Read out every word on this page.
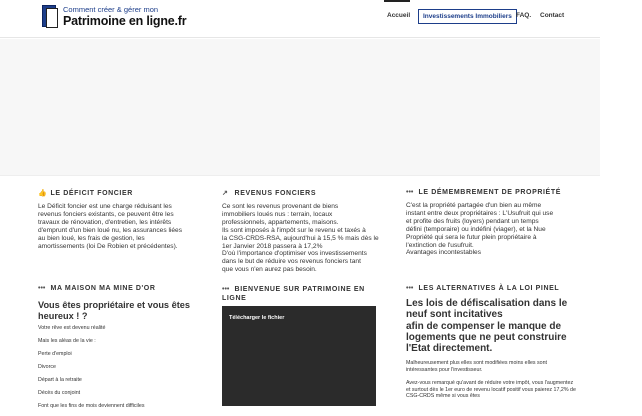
Comment créer & gérer mon
Patrimoine en ligne.fr	Accueil	Investissements Immobiliers FAQ. Contact
👍 LE DÉFICIT FONCIER

Le Déficit foncier est une charge réduisant les

revenus fonciers existants, ce peuvent être les

travaux de rénovation, d'entretien, les intérêts

d'emprunt d'un bien loué nu, les assurances liées

au bien loué, les frais de gestion, les

amortissements (loi De Robien et précédentes).

↗ REVENUS FONCIERS

Ce sont les revenus provenant de biens

immobiliers loués nus : terrain, locaux

professionnels, appartements, maisons.

Ils sont imposés à l'impôt sur le revenu et taxés à

la CSG-CRDS-RSA, aujourd'hui à 15,5 % mais dès le

1er Janvier 2018 passera à 17,2%

D'où l'importance d'optimiser vos investissements

dans le but de réduire vos revenus fonciers tant

que vous n'en aurez pas besoin.

••• LE DÉMEMBREMENT DE PROPRIÉTÉ

C'est la propriété partagée d'un bien au même

instant entre deux propriétaires : L'Usufruit qui use

et profite des fruits (loyers) pendant un temps

défini (temporaire) ou indéfini (viager), et la Nue

Propriété qui sera le futur plein propriétaire à

l'extinction de l'usufruit.

Avantages incontestables

••• MA MAISON MA MINE D'OR
Vous êtes propriétaire et vous êtes heureux ! ?
Votre rêve est devenu réalité
Mais les aléas de la vie :
Perte d'emploi
Divorce
Départ à la retraite
Décès du conjoint
Font que les fins de mois deviennent difficiles
••• BIENVENUE SUR PATRIMOINE EN LIGNE
Télécharger le fichier
••• LES ALTERNATIVES À LA LOI PINEL
Les lois de défiscalisation dans le neuf sont incitatives
afin de compenser le manque de logements que ne peut construire l'Etat directement.

Malheureusement plus elles sont modifiées moins elles sont intéressantes pour l'investisseur.

Avez-vous remarqué qu'avant de réduire votre impôt, vous l'augmentez et surtout dès le 1er euro de revenu locatif positif vous paierez 17,2% de CSG-CRDS même si vous êtes
